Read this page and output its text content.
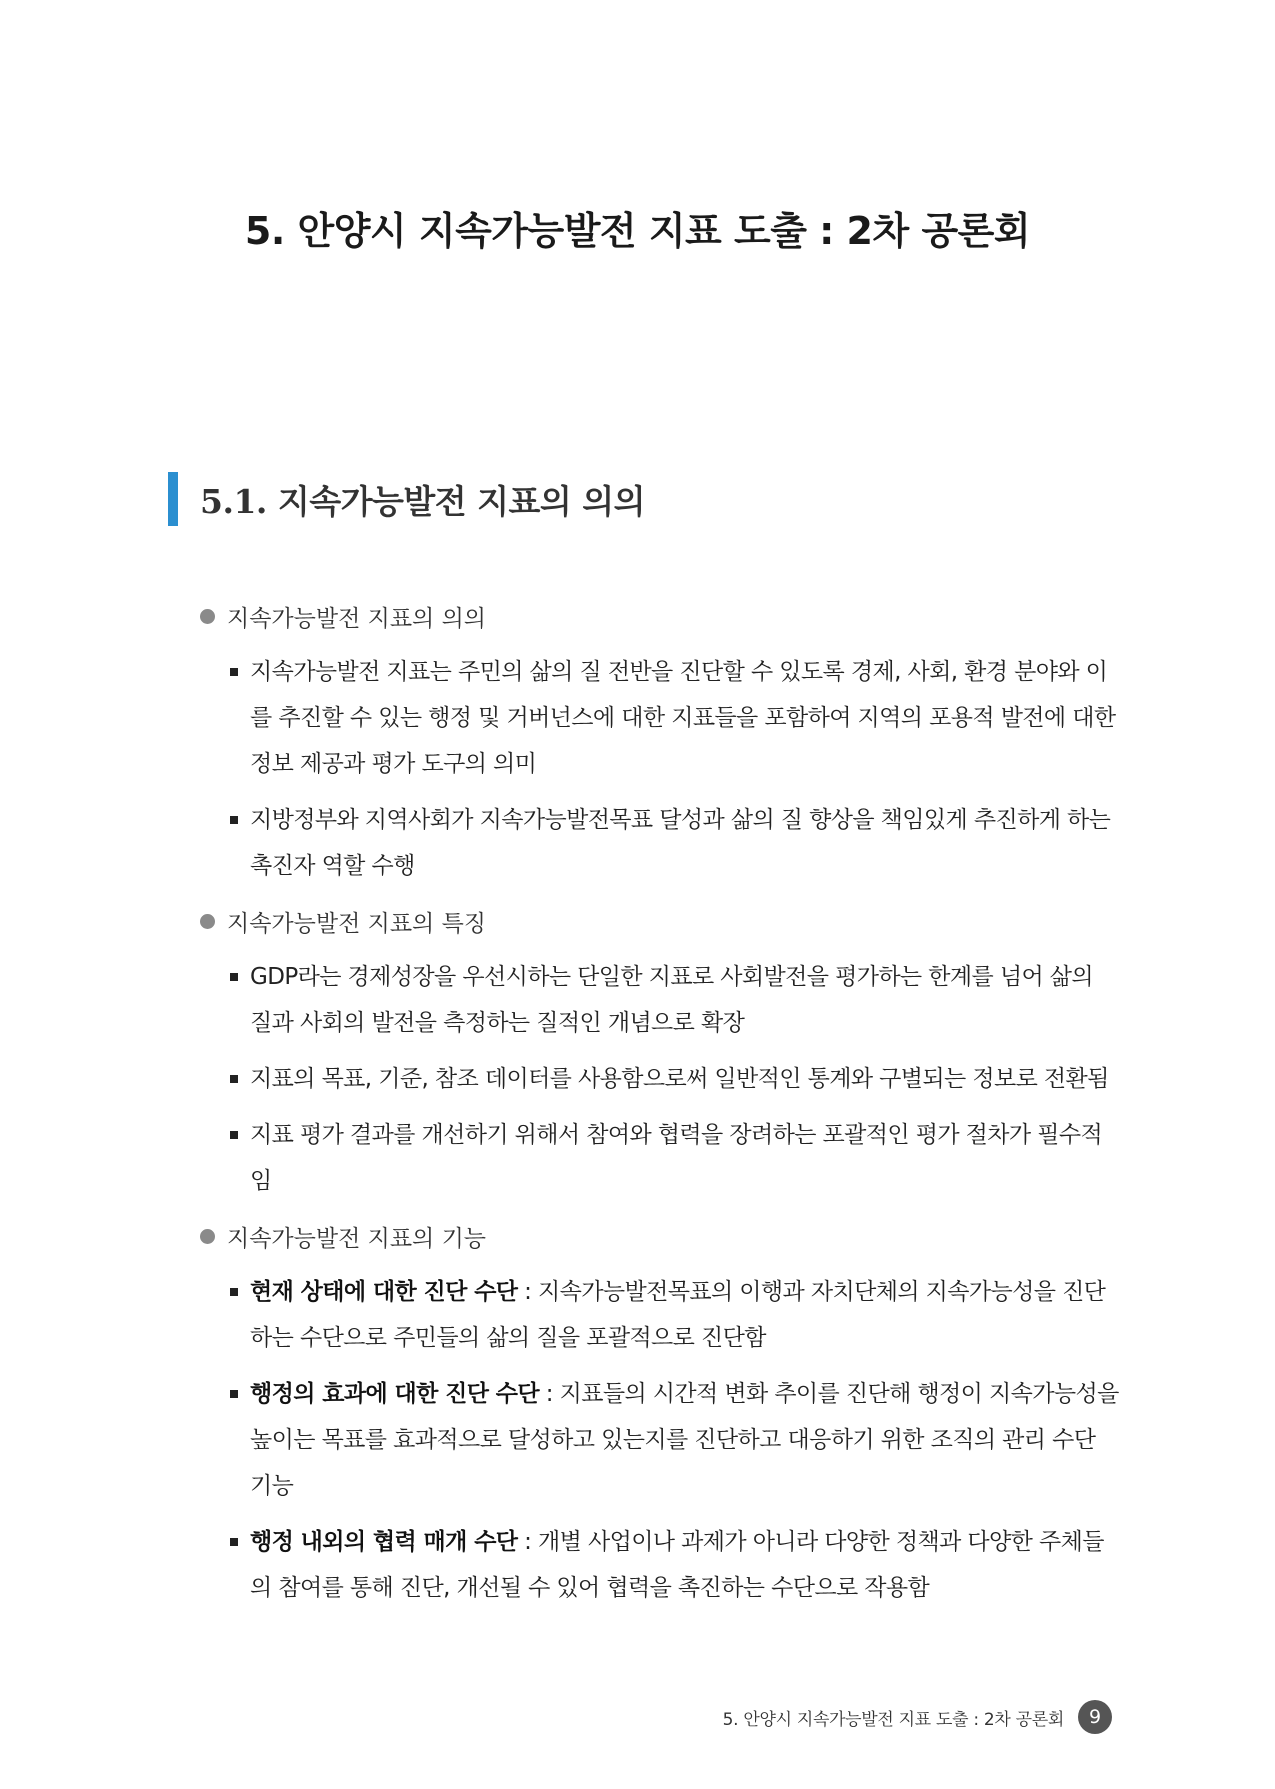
5. 안양시 지속가능발전 지표 도출 : 2차 공론회
5.1. 지속가능발전 지표의 의의
지속가능발전 지표의 의의
지속가능발전 지표는 주민의 삶의 질 전반을 진단할 수 있도록 경제, 사회, 환경 분야와 이를 추진할 수 있는 행정 및 거버넌스에 대한 지표들을 포함하여 지역의 포용적 발전에 대한 정보 제공과 평가 도구의 의미
지방정부와 지역사회가 지속가능발전목표 달성과 삶의 질 향상을 책임있게 추진하게 하는 촉진자 역할 수행
지속가능발전 지표의 특징
GDP라는 경제성장을 우선시하는 단일한 지표로 사회발전을 평가하는 한계를 넘어 삶의 질과 사회의 발전을 측정하는 질적인 개념으로 확장
지표의 목표, 기준, 참조 데이터를 사용함으로써 일반적인 통계와 구별되는 정보로 전환됨
지표 평가 결과를 개선하기 위해서 참여와 협력을 장려하는 포괄적인 평가 절차가 필수적임
지속가능발전 지표의 기능
현재 상태에 대한 진단 수단 : 지속가능발전목표의 이행과 자치단체의 지속가능성을 진단하는 수단으로 주민들의 삶의 질을 포괄적으로 진단함
행정의 효과에 대한 진단 수단 : 지표들의 시간적 변화 추이를 진단해 행정이 지속가능성을 높이는 목표를 효과적으로 달성하고 있는지를 진단하고 대응하기 위한 조직의 관리 수단 기능
행정 내외의 협력 매개 수단 : 개별 사업이나 과제가 아니라 다양한 정책과 다양한 주체들의 참여를 통해 진단, 개선될 수 있어 협력을 촉진하는 수단으로 작용함
5. 안양시 지속가능발전 지표 도출 : 2차 공론회	9
